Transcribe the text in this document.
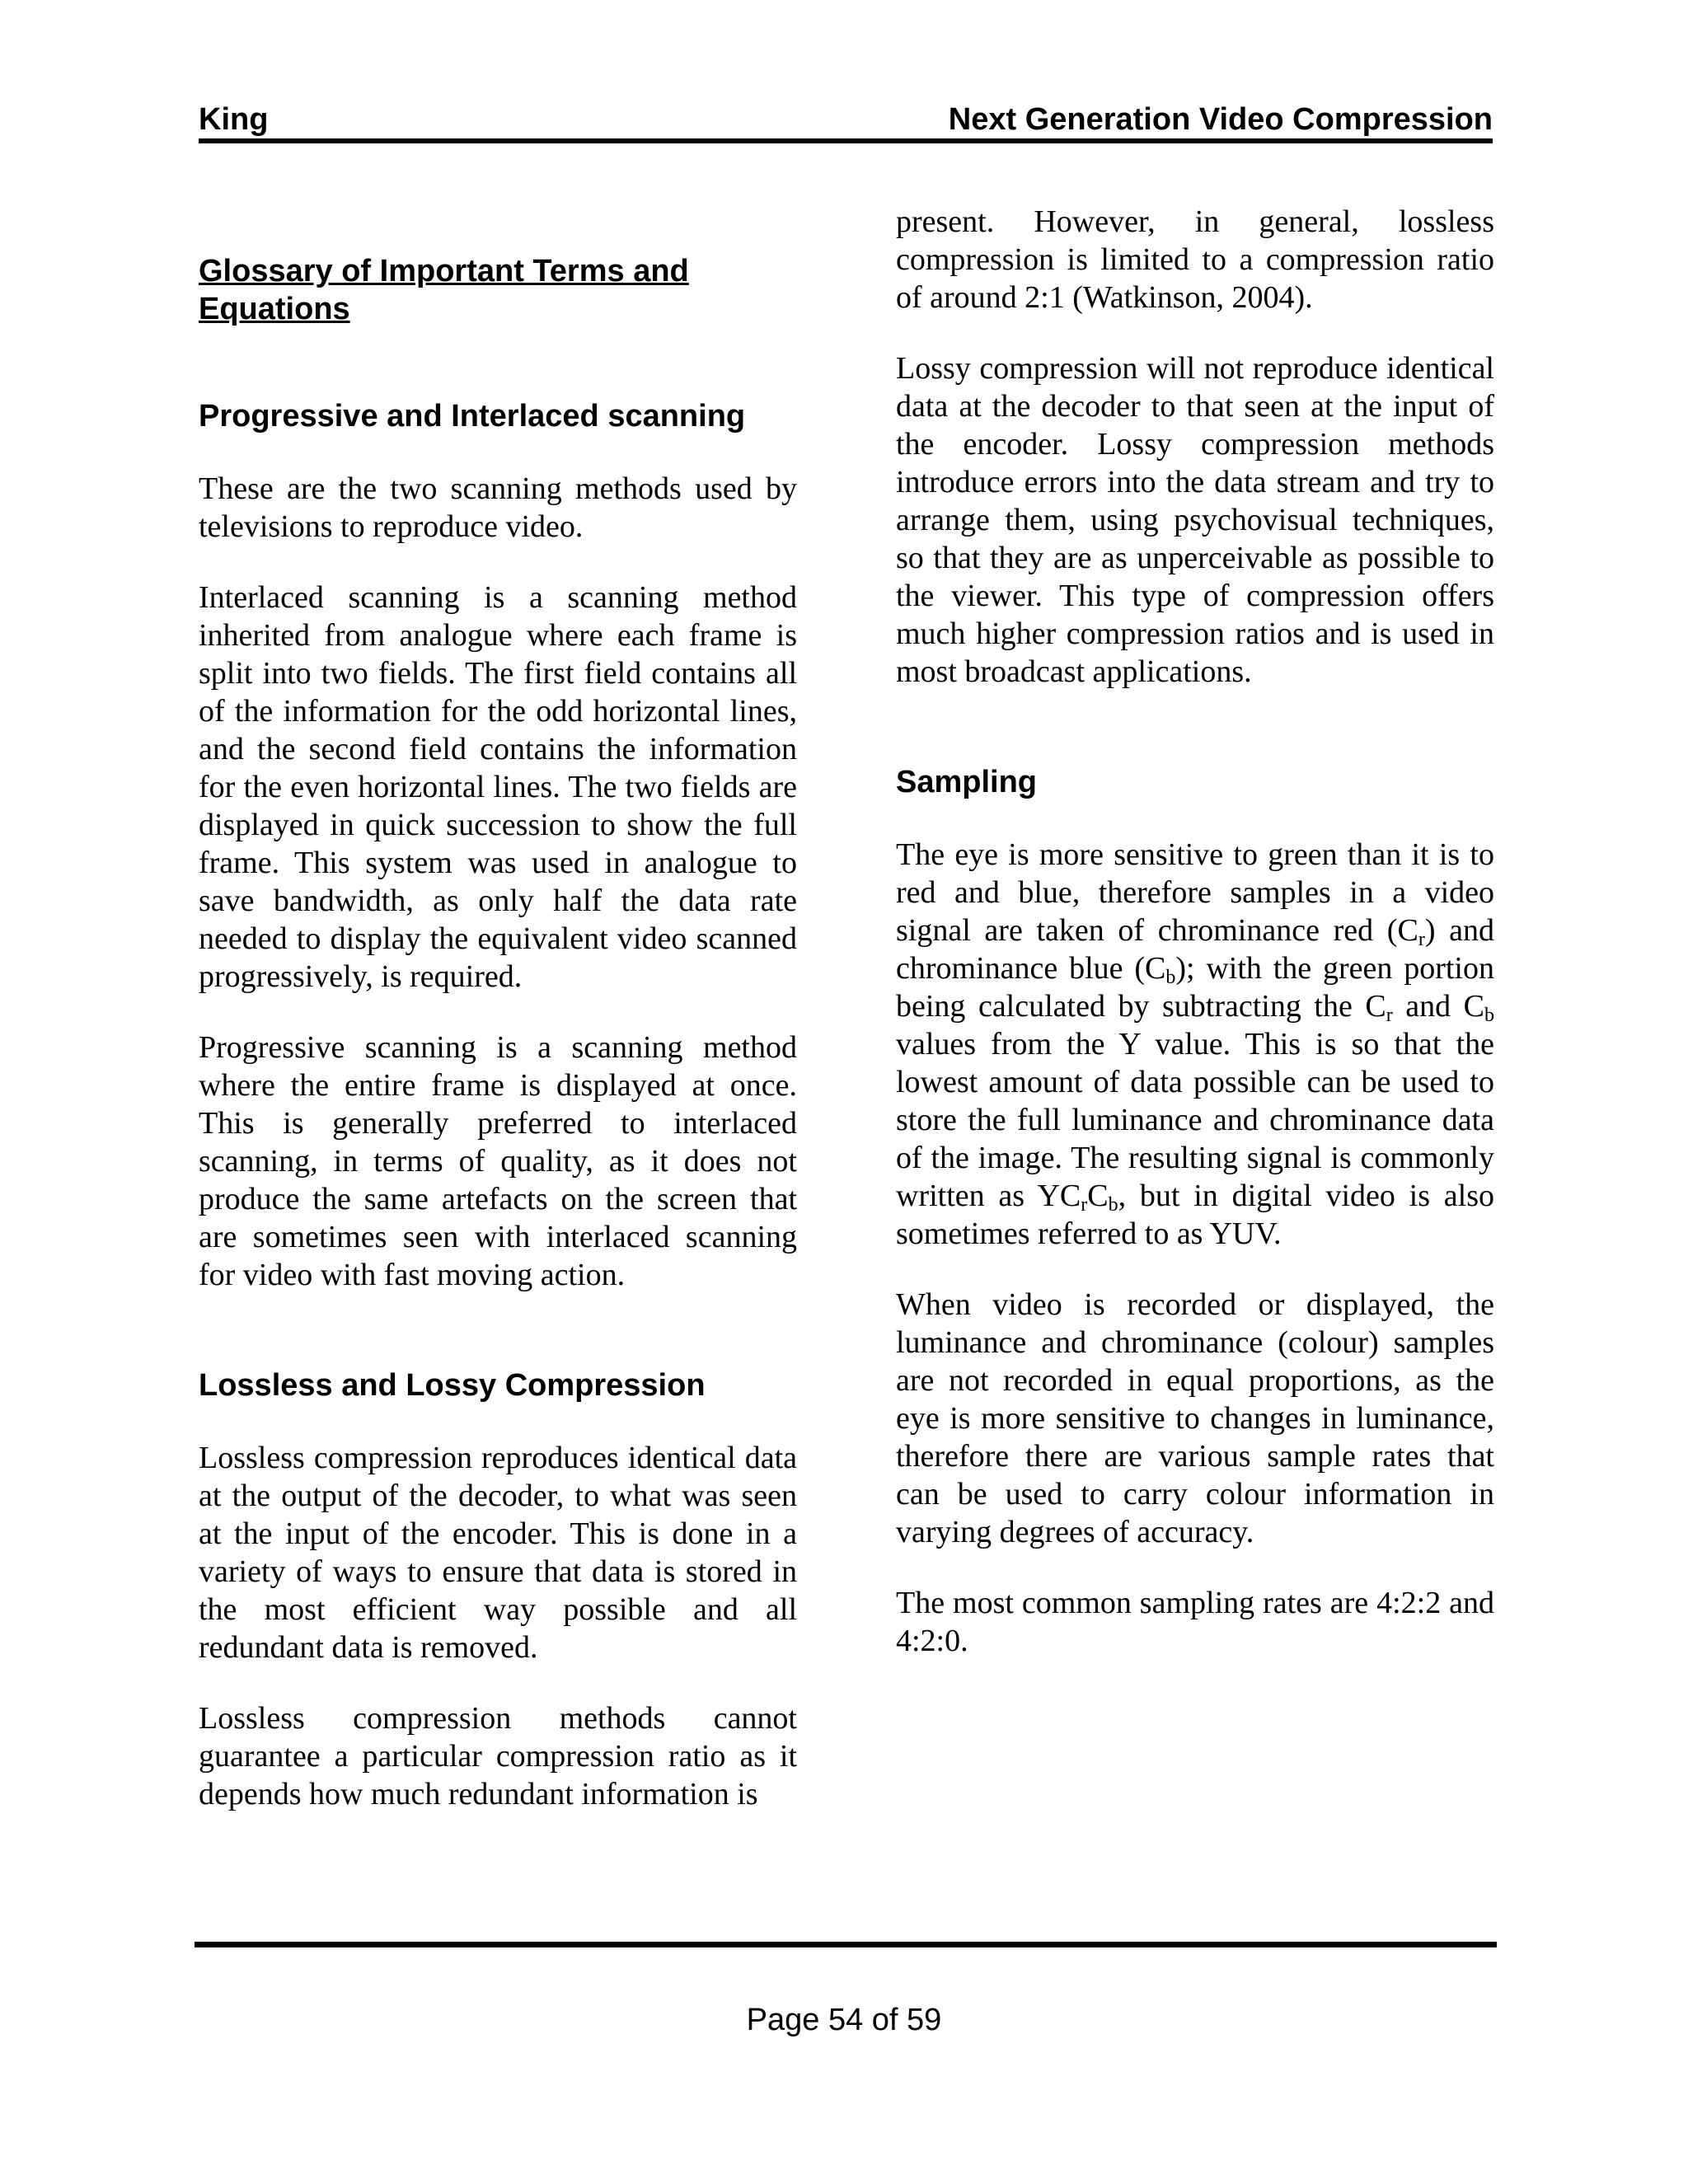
King	Next Generation Video Compression
Glossary of Important Terms and Equations
Progressive and Interlaced scanning

These are the two scanning methods used by televisions to reproduce video.

Interlaced scanning is a scanning method inherited from analogue where each frame is split into two fields. The first field contains all of the information for the odd horizontal lines, and the second field contains the information for the even horizontal lines. The two fields are displayed in quick succession to show the full frame. This system was used in analogue to save bandwidth, as only half the data rate needed to display the equivalent video scanned progressively, is required.

Progressive scanning is a scanning method where the entire frame is displayed at once. This is generally preferred to interlaced scanning, in terms of quality, as it does not produce the same artefacts on the screen that are sometimes seen with interlaced scanning for video with fast moving action.

Lossless and Lossy Compression

Lossless compression reproduces identical data at the output of the decoder, to what was seen at the input of the encoder. This is done in a variety of ways to ensure that data is stored in the most efficient way possible and all redundant data is removed.

Lossless compression methods cannot guarantee a particular compression ratio as it depends how much redundant information is

present. However, in general, lossless compression is limited to a compression ratio of around 2:1 (Watkinson, 2004).

Lossy compression will not reproduce identical data at the decoder to that seen at the input of the encoder. Lossy compression methods introduce errors into the data stream and try to arrange them, using psychovisual techniques, so that they are as unperceivable as possible to the viewer. This type of compression offers much higher compression ratios and is used in most broadcast applications.

Sampling

The eye is more sensitive to green than it is to red and blue, therefore samples in a video signal are taken of chrominance red $(C_r)$ and chrominance blue $(C_b)$; with the green portion being calculated by subtracting the $C_r$ and $C_b$ values from the Y value. This is so that the lowest amount of data possible can be used to store the full luminance and chrominance data of the image. The resulting signal is commonly written as $YC_rC_b$, but in digital video is also sometimes referred to as YUV.

When video is recorded or displayed, the luminance and chrominance (colour) samples are not recorded in equal proportions, as the eye is more sensitive to changes in luminance, therefore there are various sample rates that can be used to carry colour information in varying degrees of accuracy.

The most common sampling rates are 4:2:2 and 4:2:0.

Page 54 of 59
